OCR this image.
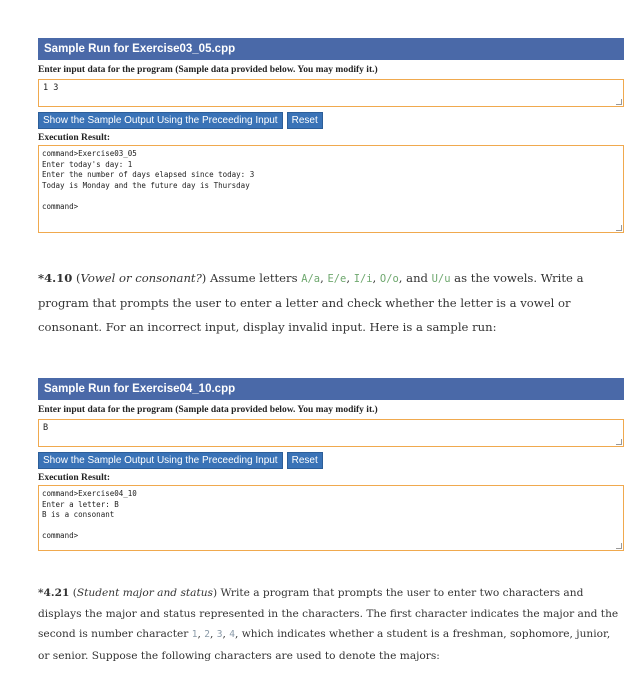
Sample Run for Exercise03_05.cpp
Enter input data for the program (Sample data provided below. You may modify it.)
1 3
Show the Sample Output Using the Preceeding Input	Reset
Execution Result:
command>Exercise03_05
Enter today's day: 1
Enter the number of days elapsed since today: 3
Today is Monday and the future day is Thursday
command>
*4.10 (Vowel or consonant?) Assume letters A/a, E/e, I/i, O/o, and U/u as the vowels. Write a program that prompts the user to enter a letter and check whether the letter is a vowel or consonant. For an incorrect input, display invalid input. Here is a sample run:
Sample Run for Exercise04_10.cpp
Enter input data for the program (Sample data provided below. You may modify it.)
B
Show the Sample Output Using the Preceeding Input	Reset
Execution Result:
command>Exercise04_10
Enter a letter: B
B is a consonant
command>
*4.21 (Student major and status) Write a program that prompts the user to enter two characters and displays the major and status represented in the characters. The first character indicates the major and the second is number character 1, 2, 3, 4, which indicates whether a student is a freshman, sophomore, junior, or senior. Suppose the following characters are used to denote the majors:
